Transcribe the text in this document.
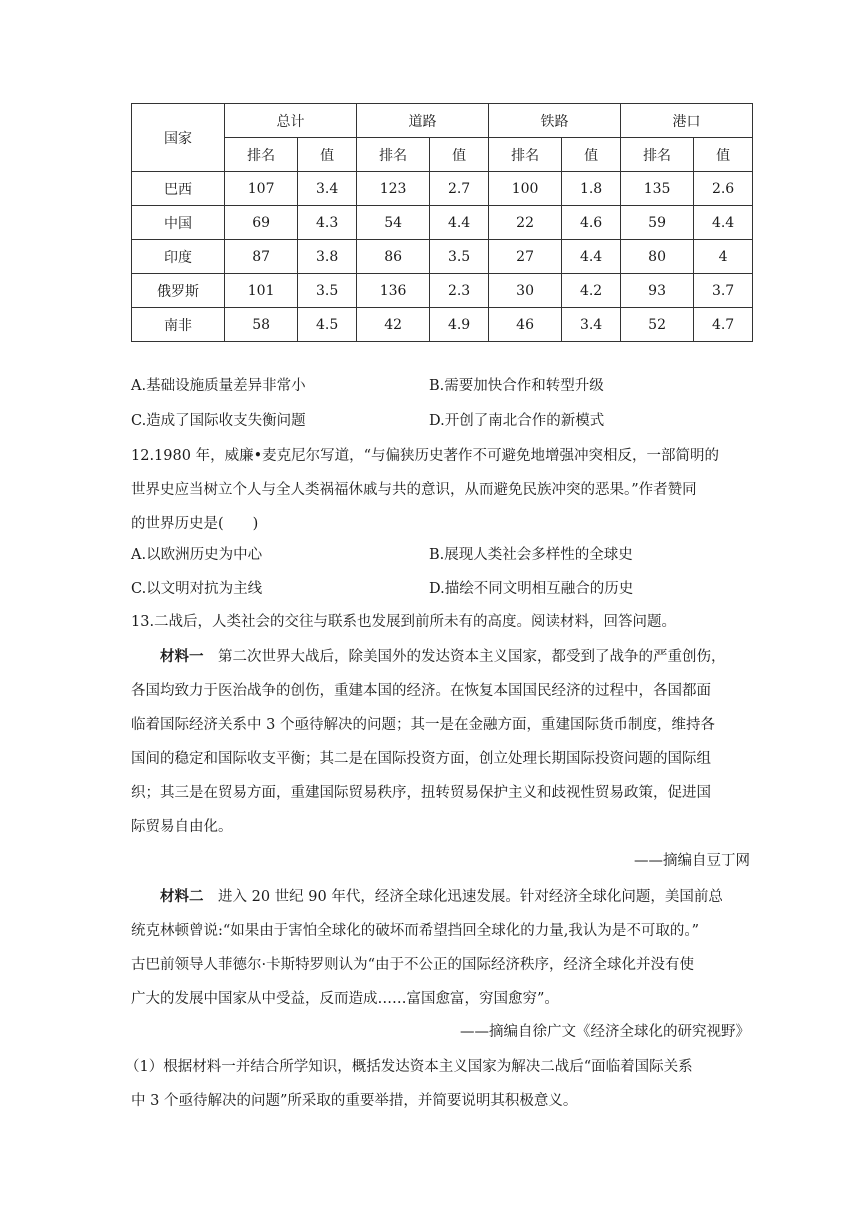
国家	总计		道路		铁路		港口	
	排名	值	排名	值	排名	值	排名	值
巴西	107	3.4	123	2.7	100	1.8	135	2.6
中国	69	4.3	54	4.4	22	4.6	59	4.4
印度	87	3.8	86	3.5	27	4.4	80	4
俄罗斯	101	3.5	136	2.3	30	4.2	93	3.7
南非	58	4.5	42	4.9	46	3.4	52	4.7
A.基础设施质量差异非常小	B.需要加快合作和转型升级
C.造成了国际收支失衡问题	D.开创了南北合作的新模式
12.1980 年，威廉•麦克尼尔写道，“与偏狭历史著作不可避免地增强冲突相反，一部简明的
世界史应当树立个人与全人类祸福休戚与共的意识，从而避免民族冲突的恶果。”作者赞同
的世界历史是(　　)
A.以欧洲历史为中心	B.展现人类社会多样性的全球史
C.以文明对抗为主线	D.描绘不同文明相互融合的历史
13.二战后，人类社会的交往与联系也发展到前所未有的高度。阅读材料，回答问题。
材料一　第二次世界大战后，除美国外的发达资本主义国家，都受到了战争的严重创伤，
各国均致力于医治战争的创伤，重建本国的经济。在恢复本国国民经济的过程中，各国都面
临着国际经济关系中 3 个亟待解决的问题；其一是在金融方面，重建国际货币制度，维持各
国间的稳定和国际收支平衡；其二是在国际投资方面，创立处理长期国际投资问题的国际组
织；其三是在贸易方面，重建国际贸易秩序，扭转贸易保护主义和歧视性贸易政策，促进国
际贸易自由化。
——摘编自豆丁网
材料二　进入 20 世纪 90 年代，经济全球化迅速发展。针对经济全球化问题，美国前总
统克林顿曾说:“如果由于害怕全球化的破坏而希望挡回全球化的力量,我认为是不可取的。”
古巴前领导人菲德尔·卡斯特罗则认为“由于不公正的国际经济秩序，经济全球化并没有使
广大的发展中国家从中受益，反而造成……富国愈富，穷国愈穷”。
——摘编自徐广文《经济全球化的研究视野》
（1）根据材料一并结合所学知识，概括发达资本主义国家为解决二战后“面临着国际关系
中 3 个亟待解决的问题”所采取的重要举措，并简要说明其积极意义。
